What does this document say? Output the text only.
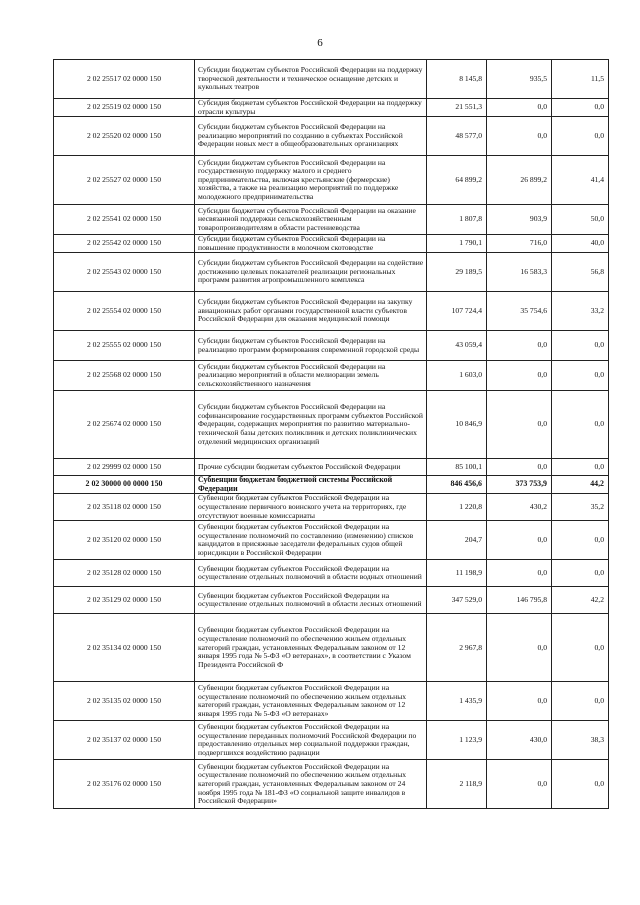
6
2 02 25517 02 0000 150	Субсидии бюджетам субъектов Российской Федерации на поддержку творческой деятельности и техническое оснащение детских и кукольных театров	8 145,8	935,5	11,5
2 02 25519 02 0000 150	Субсидия бюджетам субъектов Российской Федерации на поддержку отрасли культуры	21 551,3	0,0	0,0
2 02 25520 02 0000 150	Субсидии бюджетам субъектов Российской Федерации на реализацию мероприятий по созданию в субъектах Российской Федерации новых мест в общеобразовательных организациях	48 577,0	0,0	0,0
2 02 25527 02 0000 150	Субсидии бюджетам субъектов Российской Федерации на государственную поддержку малого и среднего предпринимательства, включая крестьянские (фермерские) хозяйства, а также на реализацию мероприятий по поддержке молодежного предпринимательства	64 899,2	26 899,2	41,4
2 02 25541 02 0000 150	Субсидии бюджетам субъектов Российской Федерации на оказание несвязанной поддержки сельскохозяйственным товаропроизводителям в области растениеводства	1 807,8	903,9	50,0
2 02 25542 02 0000 150	Субсидии бюджетам субъектов Российской Федерации на повышение продуктивности в молочном скотоводстве	1 790,1	716,0	40,0
2 02 25543 02 0000 150	Субсидии бюджетам субъектов Российской Федерации на содействие достижению целевых показателей реализации региональных программ развития агропромышленного комплекса	29 189,5	16 583,3	56,8
2 02 25554 02 0000 150	Субсидии бюджетам субъектов Российской Федерации на закупку авиационных работ органами государственной власти субъектов Российской Федерации для оказания медицинской помощи	107 724,4	35 754,6	33,2
2 02 25555 02 0000 150	Субсидии бюджетам субъектов Российской Федерации на реализацию программ формирования современной городской среды	43 059,4	0,0	0,0
2 02 25568 02 0000 150	Субсидии бюджетам субъектов Российской Федерации на реализацию мероприятий в области мелиорации земель сельскохозяйственного назначения	1 603,0	0,0	0,0
2 02 25674 02 0000 150	Субсидии бюджетам субъектов Российской Федерации на софинансирование государственных программ субъектов Российской Федерации, содержащих мероприятия по развитию материально-технической базы детских поликлиник и детских поликлинических отделений медицинских организаций	10 846,9	0,0	0,0
2 02 29999 02 0000 150	Прочие субсидии бюджетам субъектов Российской Федерации	85 100,1	0,0	0,0
2 02 30000 00 0000 150	Субвенции бюджетам бюджетной системы Российской Федерации	846 456,6	373 753,9	44,2
2 02 35118 02 0000 150	Субвенции бюджетам субъектов Российской Федерации на осуществление первичного воинского учета на территориях, где отсутствуют военные комиссариаты	1 220,8	430,2	35,2
2 02 35120 02 0000 150	Субвенции бюджетам субъектов Российской Федерации на осуществление полномочий по составлению (изменению) списков кандидатов в присяжные заседатели федеральных судов общей юрисдикции в Российской Федерации	204,7	0,0	0,0
2 02 35128 02 0000 150	Субвенции бюджетам субъектов Российской Федерации на осуществление отдельных полномочий в области водных отношений	11 198,9	0,0	0,0
2 02 35129 02 0000 150	Субвенции бюджетам субъектов Российской Федерации на осуществление отдельных полномочий в области лесных отношений	347 529,0	146 795,8	42,2
2 02 35134 02 0000 150	Субвенции бюджетам субъектов Российской Федерации на осуществление полномочий по обеспечению жильем отдельных категорий граждан, установленных Федеральным законом от 12 января 1995 года № 5-ФЗ «О ветеранах», в соответствии с Указом Президента Российской Ф	2 967,8	0,0	0,0
2 02 35135 02 0000 150	Субвенции бюджетам субъектов Российской Федерации на осуществление полномочий по обеспечению жильем отдельных категорий граждан, установленных Федеральным законом от 12 января 1995 года № 5-ФЗ «О ветеранах»	1 435,9	0,0	0,0
2 02 35137 02 0000 150	Субвенции бюджетам субъектов Российской Федерации на осуществление переданных полномочий Российской Федерации по предоставлению отдельных мер социальной поддержки граждан, подвергшихся воздействию радиации	1 123,9	430,0	38,3
2 02 35176 02 0000 150	Субвенции бюджетам субъектов Российской Федерации на осуществление полномочий по обеспечению жильем отдельных категорий граждан, установленных Федеральным законом от 24 ноября 1995 года № 181-ФЗ «О социальной защите инвалидов в Российской Федерации»	2 118,9	0,0	0,0
